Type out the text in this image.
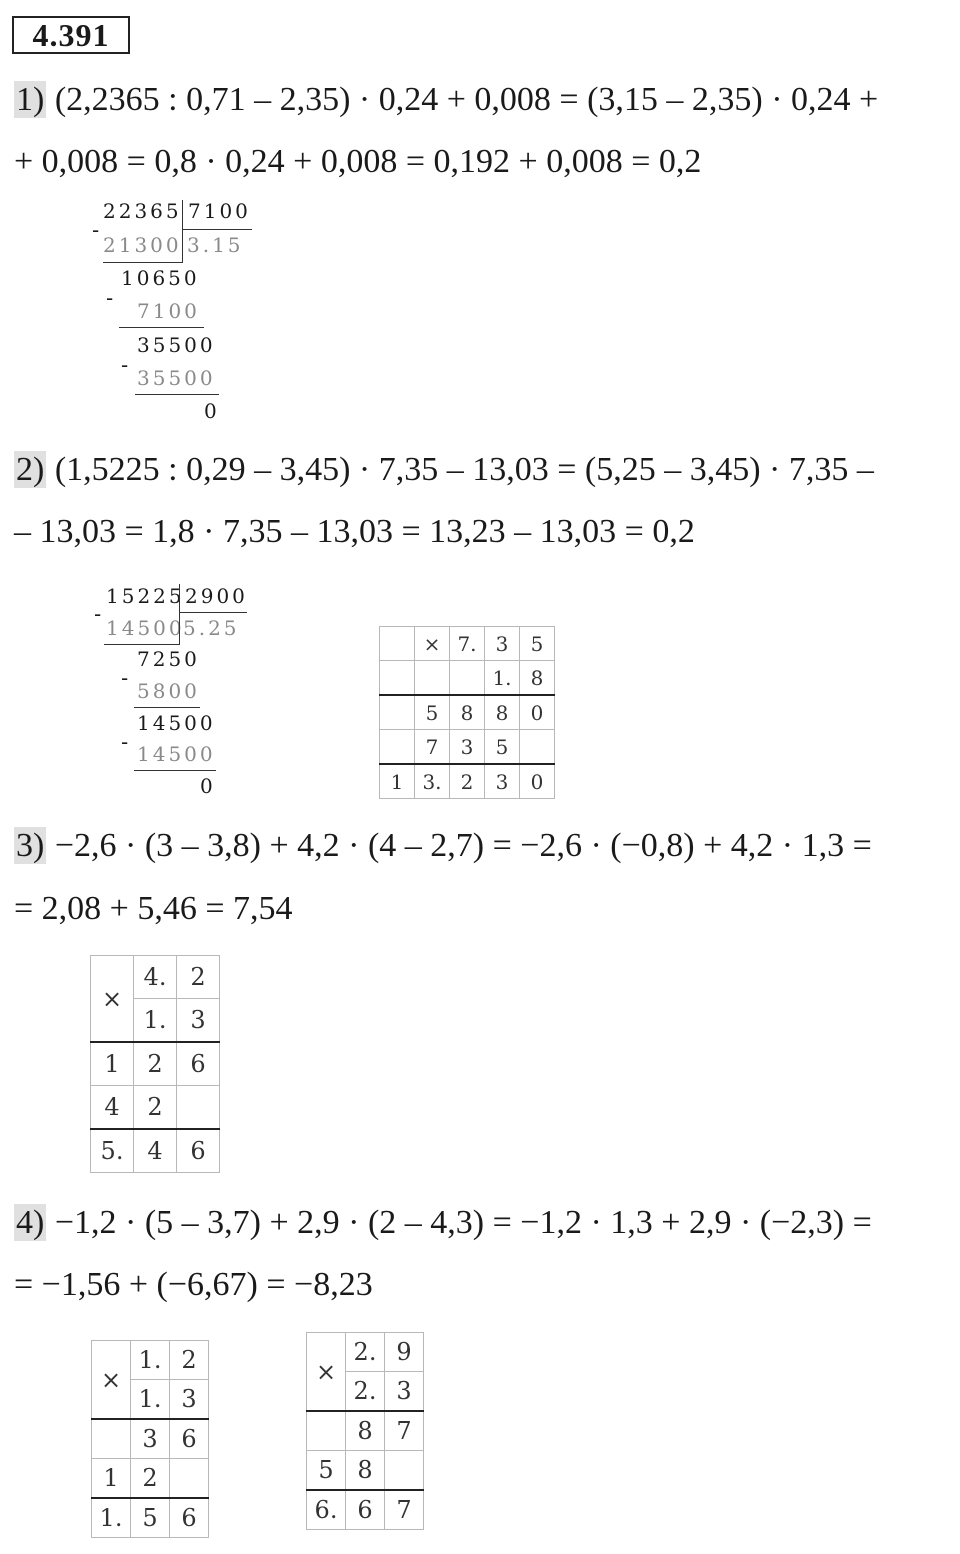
4.391
1) (2,2365 : 0,71 – 2,35) · 0,24 + 0,008 = (3,15 – 2,35) · 0,24 +
+ 0,008 = 0,8 · 0,24 + 0,008 = 0,192 + 0,008 = 0,2
22365 7100
-
21300 3.15
10650
-
7100
35500
-
35500
0
2) (1,5225 : 0,29 – 3,45) · 7,35 – 13,03 = (5,25 – 3,45) · 7,35 –
– 13,03 = 1,8 · 7,35 – 13,03 = 13,23 – 13,03 = 0,2
15225 2900
-
14500
5.25
7250
-
5800
14500
- 14500
0
	×	7.	3	5
			1.	8
	5	8	8	0
	7	3	5	
1	3.	2	3	0
3) −2,6 · (3 – 3,8) + 4,2 · (4 – 2,7) = −2,6 · (−0,8) + 4,2 · 1,3 =
= 2,08 + 5,46 = 7,54
×	4.	2
	1.	3
1	2	6
4	2	
5.	4	6
4) −1,2 · (5 – 3,7) + 2,9 · (2 – 4,3) = −1,2 · 1,3 + 2,9 · (−2,3) =
= −1,56 + (−6,67) = −8,23
×	1.	2
	1.	3
	3	6
1	2	
1.	5	6
×	2.	9
	2.	3
	8	7
5	8	
6.	6	7
